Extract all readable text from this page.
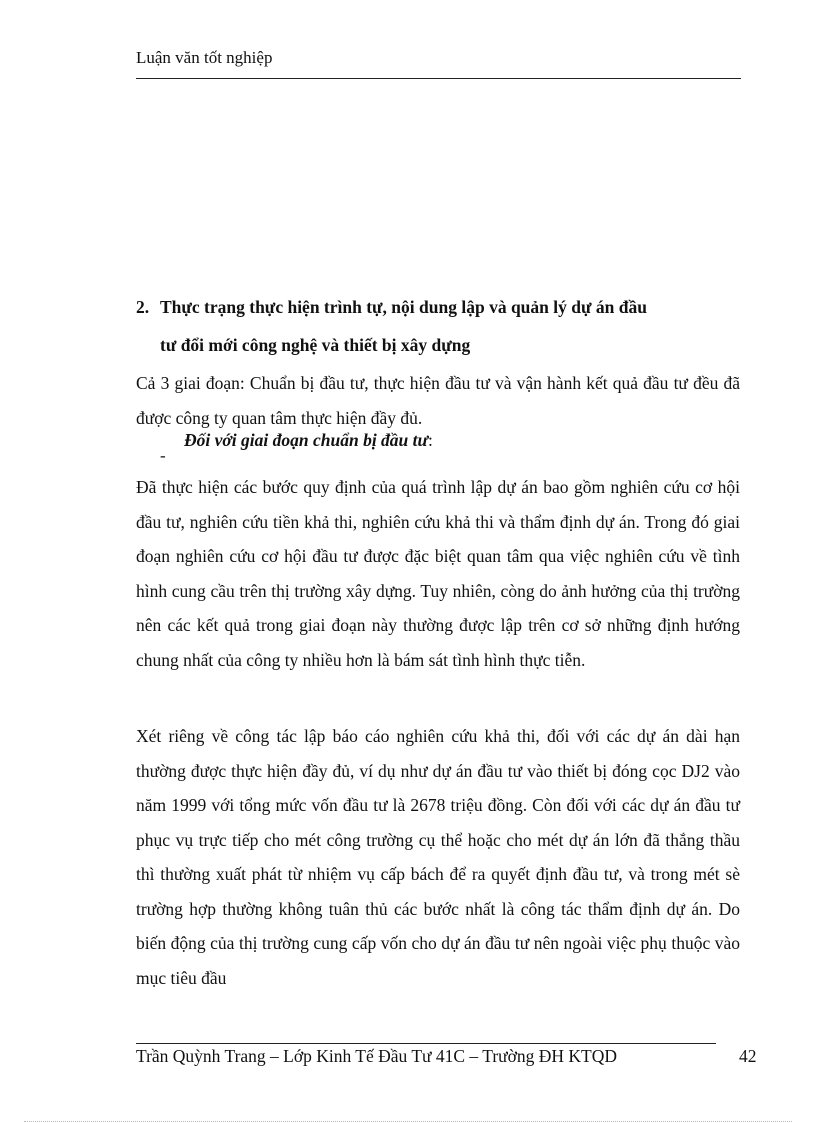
Luận văn tốt nghiệp
2. Thực trạng thực hiện trình tự, nội dung lập và quản lý dự án đầu
tư đổi mới công nghệ và thiết bị xây dựng
Cả 3 giai đoạn: Chuẩn bị đầu tư, thực hiện đầu tư và vận hành kết quả đầu tư đều đã được công ty quan tâm thực hiện đầy đủ.
Đối với giai đoạn chuẩn bị đầu tư:
-
Đã thực hiện các bước quy định của quá trình lập dự án bao gồm nghiên cứu cơ hội đầu tư, nghiên cứu tiền khả thi, nghiên cứu khả thi và thẩm định dự án. Trong đó giai đoạn nghiên cứu cơ hội đầu tư được đặc biệt quan tâm qua việc nghiên cứu về tình hình cung cầu trên thị trường xây dựng. Tuy nhiên, còng do ảnh hưởng của thị trường nên các kết quả trong giai đoạn này thường được lập trên cơ sở những định hướng chung nhất của công ty nhiều hơn là bám sát tình hình thực tiễn.
Xét riêng về công tác lập báo cáo nghiên cứu khả thi, đối với các dự án dài hạn thường được thực hiện đầy đủ, ví dụ như dự án đầu tư vào thiết bị đóng cọc DJ2 vào năm 1999 với tổng mức vốn đầu tư là 2678 triệu đồng. Còn đối với các dự án đầu tư phục vụ trực tiếp cho mét công trường cụ thể hoặc cho mét dự án lớn đã thắng thầu thì thường xuất phát từ nhiệm vụ cấp bách để ra quyết định đầu tư, và trong mét sè trường hợp thường không tuân thủ các bước nhất là công tác thẩm định dự án. Do biến động của thị trường cung cấp vốn cho dự án đầu tư nên ngoài việc phụ thuộc vào mục tiêu đầu
Trần Quỳnh Trang – Lớp Kinh Tế Đầu Tư 41C – Trường ĐH KTQD	42
